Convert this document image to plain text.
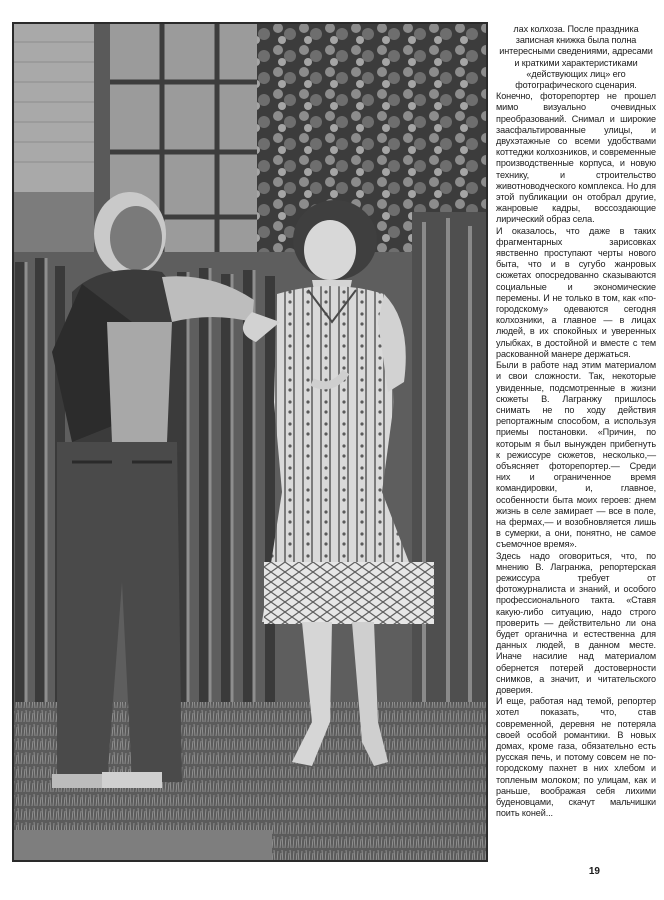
лах колхоза. После праздника записная книжка была полна интересными сведениями, адресами и краткими характеристиками «действующих лиц» его фотографического сценария.

Конечно, фоторепортер не прошел мимо визуально очевидных преобразований. Снимал и широкие заасфальтированные улицы, и двухэтажные со всеми удобствами коттеджи колхозников, и современные производственные корпуса, и новую технику, и строительство животноводческого комплекса. Но для этой публикации он отобрал другие, жанровые кадры, воссоздающие лирический образ села.

И оказалось, что даже в таких фрагментарных зарисовках явственно проступают черты нового быта, что и в сугубо жанровых сюжетах опосредованно сказываются социальные и экономические перемены. И не только в том, как «по-городскому» одеваются сегодня колхозники, а главное — в лицах людей, в их спокойных и уверенных улыбках, в достойной и вместе с тем раскованной манере держаться.

Были в работе над этим материалом и свои сложности. Так, некоторые увиденные, подсмотренные в жизни сюжеты В. Лагранжу пришлось снимать не по ходу действия репортажным способом, а используя приемы постановки. «Причин, по которым я был вынужден прибегнуть к режиссуре сюжетов, несколько,— объясняет фоторепортер.— Среди них и ограниченное время командировки, и, главное, особенности быта моих героев: днем жизнь в селе замирает — все в поле, на фермах,— и возобновляется лишь в сумерки, а они, понятно, не самое съемочное время».

Здесь надо оговориться, что, по мнению В. Лагранжа, репортерская режиссура требует от фотожурналиста и знаний, и особого профессионального такта. «Ставя какую-либо ситуацию, надо строго проверить — действительно ли она будет органична и естественна для данных людей, в данном месте. Иначе насилие над материалом обернется потерей достоверности снимков, а значит, и читательского доверия.

И еще, работая над темой, репортер хотел показать, что, став современной, деревня не потеряла своей особой романтики. В новых домах, кроме газа, обязательно есть русская печь, и потому совсем не по-городскому пахнет в них хлебом и топленым молоком; по улицам, как и раньше, воображая себя лихими буденовцами, скачут мальчишки поить коней...

19
